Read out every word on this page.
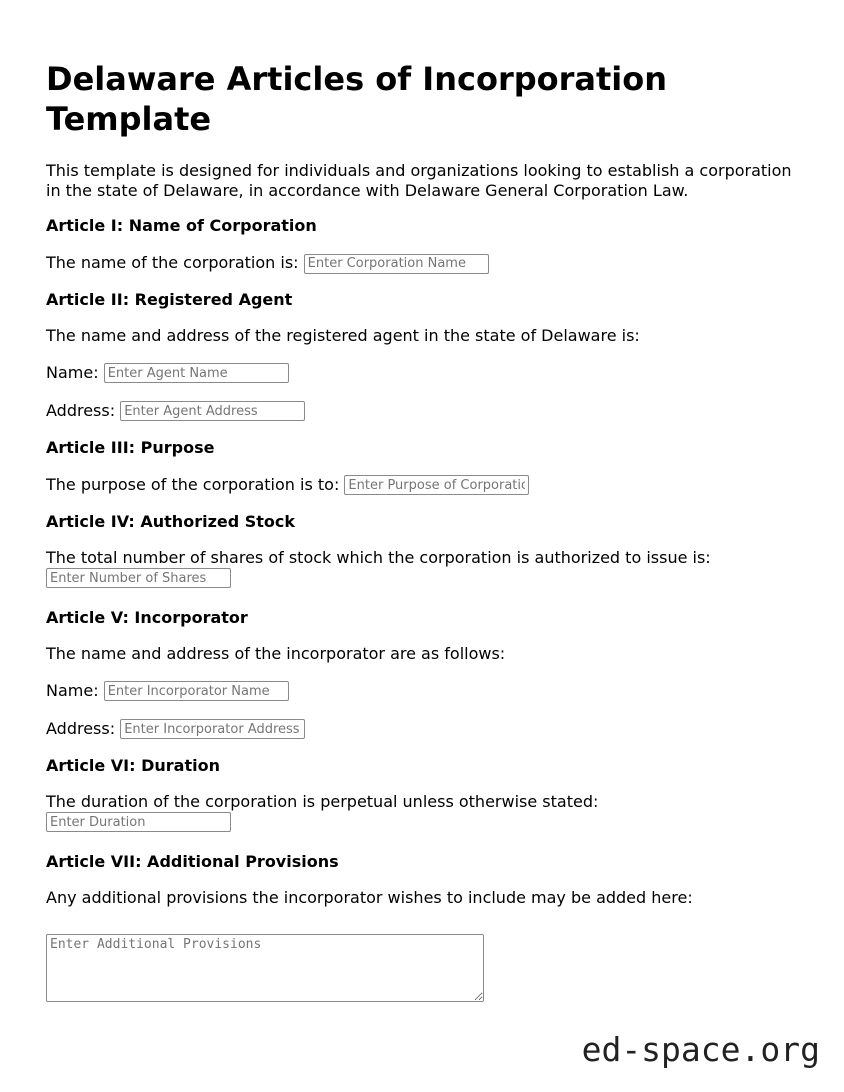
Delaware Articles of Incorporation Template

This template is designed for individuals and organizations looking to establish a corporation in the state of Delaware, in accordance with Delaware General Corporation Law.

Article I: Name of Corporation

The name of the corporation is: Enter Corporation Name

Article II: Registered Agent

The name and address of the registered agent in the state of Delaware is:

Name: Enter Agent Name

Address: Enter Agent Address

Article III: Purpose

The purpose of the corporation is to: Enter Purpose of Corporation

Article IV: Authorized Stock

The total number of shares of stock which the corporation is authorized to issue is: Enter Number of Shares

Article V: Incorporator

The name and address of the incorporator are as follows:

Name: Enter Incorporator Name

Address: Enter Incorporator Address

Article VI: Duration

The duration of the corporation is perpetual unless otherwise stated:
Enter Duration

Article VII: Additional Provisions

Any additional provisions the incorporator wishes to include may be added here:

Enter Additional Provisions
ed-space.org
